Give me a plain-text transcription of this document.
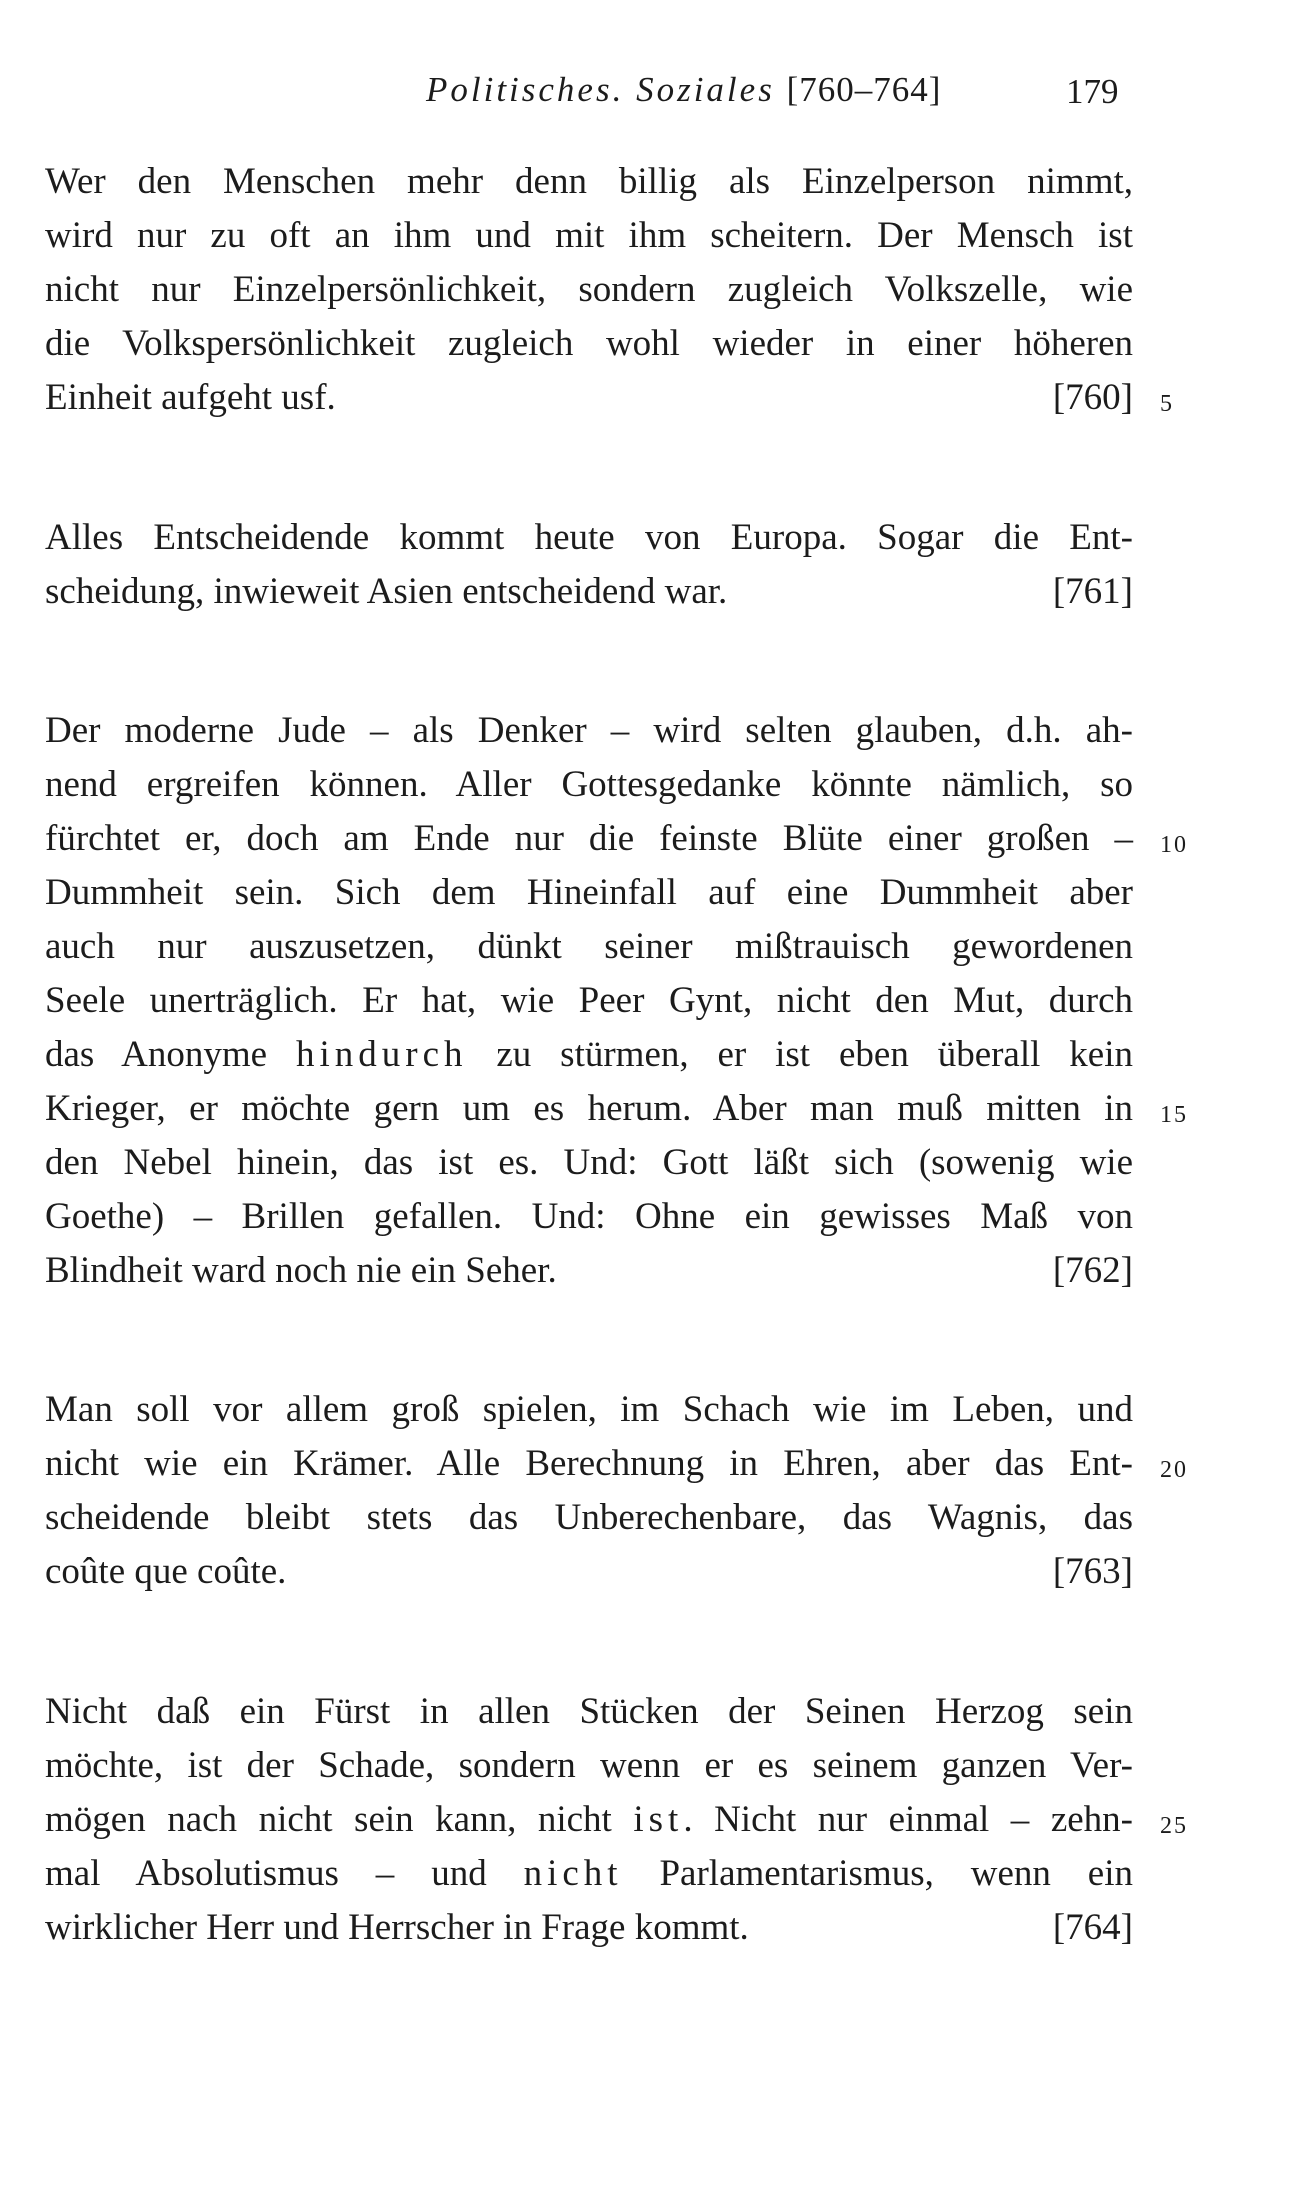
Politisches. Soziales [760–764]	179
Wer den Menschen mehr denn billig als Einzelperson nimmt,
wird nur zu oft an ihm und mit ihm scheitern. Der Mensch ist
nicht nur Einzelpersönlichkeit, sondern zugleich Volkszelle, wie
die Volkspersönlichkeit zugleich wohl wieder in einer höheren
Einheit aufgeht usf.	[760]
Alles Entscheidende kommt heute von Europa. Sogar die Ent-
scheidung, inwieweit Asien entscheidend war.	[761]
Der moderne Jude – als Denker – wird selten glauben, d.h. ah-
nend ergreifen können. Aller Gottesgedanke könnte nämlich, so
fürchtet er, doch am Ende nur die feinste Blüte einer großen –
Dummheit sein. Sich dem Hineinfall auf eine Dummheit aber
auch nur auszusetzen, dünkt seiner mißtrauisch gewordenen
Seele unerträglich. Er hat, wie Peer Gynt, nicht den Mut, durch
das Anonyme hindurch zu stürmen, er ist eben überall kein
Krieger, er möchte gern um es herum. Aber man muß mitten in
den Nebel hinein, das ist es. Und: Gott läßt sich (sowenig wie
Goethe) – Brillen gefallen. Und: Ohne ein gewisses Maß von
Blindheit ward noch nie ein Seher.	[762]
Man soll vor allem groß spielen, im Schach wie im Leben, und
nicht wie ein Krämer. Alle Berechnung in Ehren, aber das Ent-
scheidende bleibt stets das Unberechenbare, das Wagnis, das
coûte que coûte.	[763]
Nicht daß ein Fürst in allen Stücken der Seinen Herzog sein
möchte, ist der Schade, sondern wenn er es seinem ganzen Ver-
mögen nach nicht sein kann, nicht ist. Nicht nur einmal – zehn-
mal Absolutismus – und nicht Parlamentarismus, wenn ein
wirklicher Herr und Herrscher in Frage kommt.	[764]
5
10
15
20
25
